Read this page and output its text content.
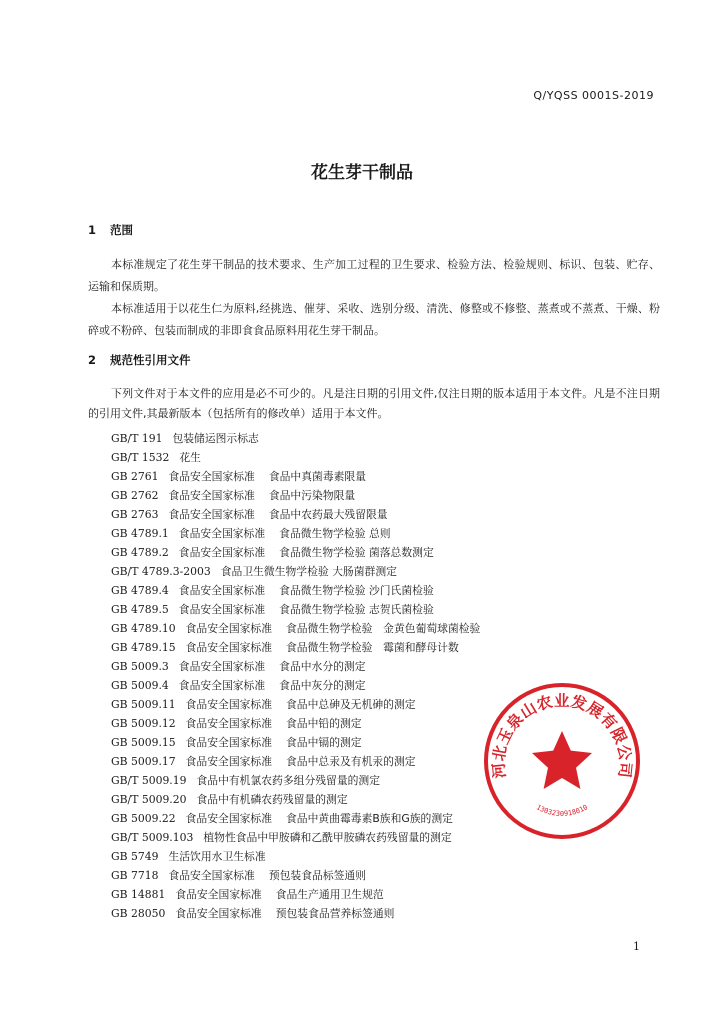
Q/YQSS 0001S-2019
花生芽干制品
1 范围

本标准规定了花生芽干制品的技术要求、生产加工过程的卫生要求、检验方法、检验规则、标识、包装、贮存、运输和保质期。

本标准适用于以花生仁为原料,经挑选、催芽、采收、选别分级、清洗、修整或不修整、蒸煮或不蒸煮、干燥、粉碎或不粉碎、包装而制成的非即食食品原料用花生芽干制品。

2 规范性引用文件

下列文件对于本文件的应用是必不可少的。凡是注日期的引用文件,仅注日期的版本适用于本文件。凡是不注日期的引用文件,其最新版本（包括所有的修改单）适用于本文件。

GB/T 191 包装储运图示标志
GB/T 1532 花生
GB 2761 食品安全国家标准 食品中真菌毒素限量
GB 2762 食品安全国家标准 食品中污染物限量
GB 2763 食品安全国家标准 食品中农药最大残留限量
GB 4789.1 食品安全国家标准 食品微生物学检验 总则
GB 4789.2 食品安全国家标准 食品微生物学检验 菌落总数测定
GB/T 4789.3-2003 食品卫生微生物学检验 大肠菌群测定
GB 4789.4 食品安全国家标准 食品微生物学检验 沙门氏菌检验
GB 4789.5 食品安全国家标准 食品微生物学检验 志贺氏菌检验
GB 4789.10 食品安全国家标准 食品微生物学检验　金黄色葡萄球菌检验
GB 4789.15 食品安全国家标准 食品微生物学检验　霉菌和酵母计数
GB 5009.3 食品安全国家标准 食品中水分的测定
GB 5009.4 食品安全国家标准 食品中灰分的测定
GB 5009.11 食品安全国家标准 食品中总砷及无机砷的测定
GB 5009.12 食品安全国家标准 食品中铅的测定
GB 5009.15 食品安全国家标准 食品中镉的测定
GB 5009.17 食品安全国家标准 食品中总汞及有机汞的测定
GB/T 5009.19 食品中有机氯农药多组分残留量的测定
GB/T 5009.20 食品中有机磷农药残留量的测定
GB 5009.22 食品安全国家标准 食品中黄曲霉毒素B族和G族的测定
GB/T 5009.103 植物性食品中甲胺磷和乙酰甲胺磷农药残留量的测定
GB 5749 生活饮用水卫生标准
GB 7718 食品安全国家标准 预包装食品标签通则
GB 14881 食品安全国家标准 食品生产通用卫生规范
GB 28050 食品安全国家标准 预包装食品营养标签通则
河北玉泉山农业发展有限公司
1303230918010
1
